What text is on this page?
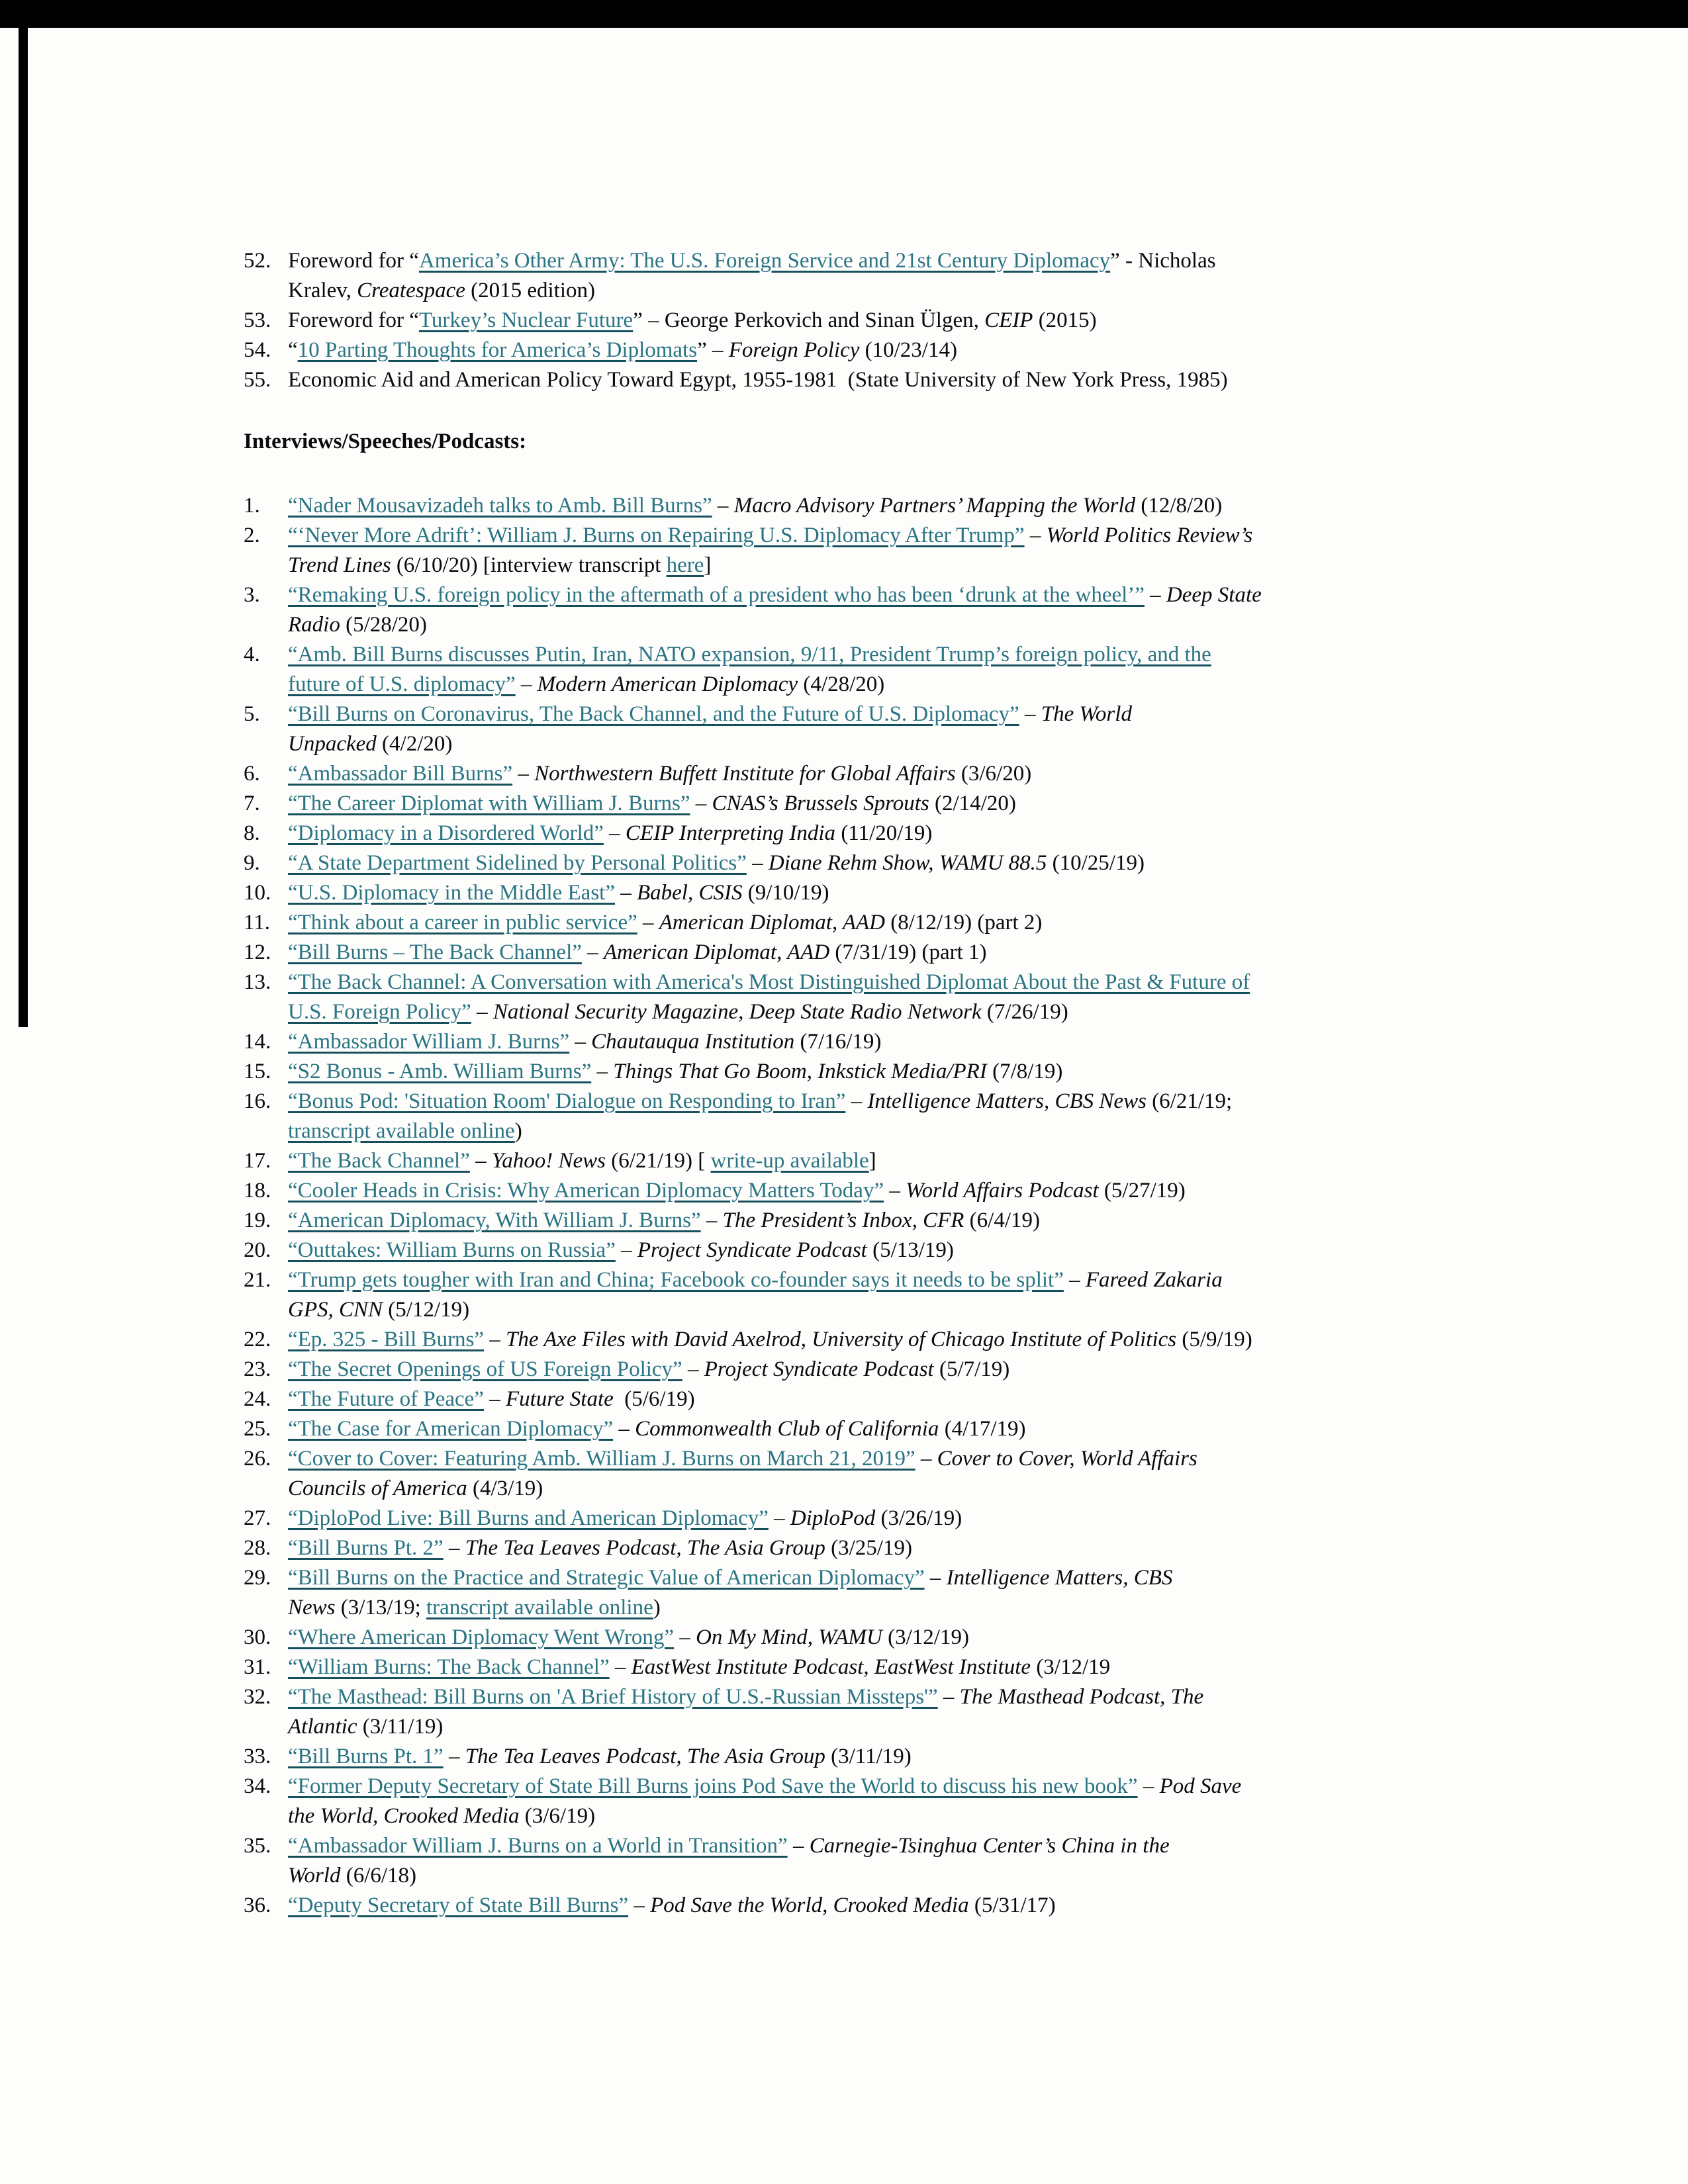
52. Foreword for “America’s Other Army: The U.S. Foreign Service and 21st Century Diplomacy” - Nicholas
Kralev, Createspace (2015 edition)
53. Foreword for “Turkey’s Nuclear Future” – George Perkovich and Sinan Ülgen, CEIP (2015)
54. “10 Parting Thoughts for America’s Diplomats” – Foreign Policy (10/23/14)
55. Economic Aid and American Policy Toward Egypt, 1955-1981  (State University of New York Press, 1985)
Interviews/Speeches/Podcasts:
1.	“Nader Mousavizadeh talks to Amb. Bill Burns” – Macro Advisory Partners’ Mapping the World (12/8/20)
2.	“‘Never More Adrift’: William J. Burns on Repairing U.S. Diplomacy After Trump” – World Politics Review’s
Trend Lines (6/10/20) [interview transcript here]
3.	“Remaking U.S. foreign policy in the aftermath of a president who has been ‘drunk at the wheel’” – Deep State
Radio (5/28/20)
4.	“Amb. Bill Burns discusses Putin, Iran, NATO expansion, 9/11, President Trump’s foreign policy, and the
future of U.S. diplomacy” – Modern American Diplomacy (4/28/20)
5.	“Bill Burns on Coronavirus, The Back Channel, and the Future of U.S. Diplomacy” – The World
Unpacked (4/2/20)
6.	“Ambassador Bill Burns” – Northwestern Buffett Institute for Global Affairs (3/6/20)
7.	“The Career Diplomat with William J. Burns” – CNAS’s Brussels Sprouts (2/14/20)
8.	“Diplomacy in a Disordered World” – CEIP Interpreting India (11/20/19)
9.	“A State Department Sidelined by Personal Politics” – Diane Rehm Show, WAMU 88.5 (10/25/19)
10. “U.S. Diplomacy in the Middle East” – Babel, CSIS (9/10/19)
11. “Think about a career in public service” – American Diplomat, AAD (8/12/19) (part 2)
12. “Bill Burns – The Back Channel” – American Diplomat, AAD (7/31/19) (part 1)
13. “The Back Channel: A Conversation with America's Most Distinguished Diplomat About the Past & Future of
U.S. Foreign Policy” – National Security Magazine, Deep State Radio Network (7/26/19)
14. “Ambassador William J. Burns” – Chautauqua Institution (7/16/19)
15. “S2 Bonus - Amb. William Burns” – Things That Go Boom, Inkstick Media/PRI (7/8/19)
16. “Bonus Pod: 'Situation Room' Dialogue on Responding to Iran” – Intelligence Matters, CBS News (6/21/19;
transcript available online)
17. “The Back Channel” – Yahoo! News (6/21/19) [ write-up available]
18. “Cooler Heads in Crisis: Why American Diplomacy Matters Today” – World Affairs Podcast (5/27/19)
19. “American Diplomacy, With William J. Burns” – The President’s Inbox, CFR (6/4/19)
20. “Outtakes: William Burns on Russia” – Project Syndicate Podcast (5/13/19)
21. “Trump gets tougher with Iran and China; Facebook co-founder says it needs to be split” – Fareed Zakaria
GPS, CNN (5/12/19)
22. “Ep. 325 - Bill Burns” – The Axe Files with David Axelrod, University of Chicago Institute of Politics (5/9/19)
23. “The Secret Openings of US Foreign Policy” – Project Syndicate Podcast (5/7/19)
24. “The Future of Peace” – Future State  (5/6/19)
25. “The Case for American Diplomacy” – Commonwealth Club of California (4/17/19)
26. “Cover to Cover: Featuring Amb. William J. Burns on March 21, 2019” – Cover to Cover, World Affairs
Councils of America (4/3/19)
27. “DiploPod Live: Bill Burns and American Diplomacy” – DiploPod (3/26/19)
28. “Bill Burns Pt. 2” – The Tea Leaves Podcast, The Asia Group (3/25/19)
29. “Bill Burns on the Practice and Strategic Value of American Diplomacy” – Intelligence Matters, CBS
News (3/13/19; transcript available online)
30. “Where American Diplomacy Went Wrong” – On My Mind, WAMU (3/12/19)
31. “William Burns: The Back Channel” – EastWest Institute Podcast, EastWest Institute (3/12/19
32. “The Masthead: Bill Burns on 'A Brief History of U.S.-Russian Missteps'” – The Masthead Podcast, The
Atlantic (3/11/19)
33. “Bill Burns Pt. 1” – The Tea Leaves Podcast, The Asia Group (3/11/19)
34. “Former Deputy Secretary of State Bill Burns joins Pod Save the World to discuss his new book” – Pod Save
the World, Crooked Media (3/6/19)
35. “Ambassador William J. Burns on a World in Transition” – Carnegie-Tsinghua Center’s China in the
World (6/6/18)
36. “Deputy Secretary of State Bill Burns” – Pod Save the World, Crooked Media (5/31/17)
